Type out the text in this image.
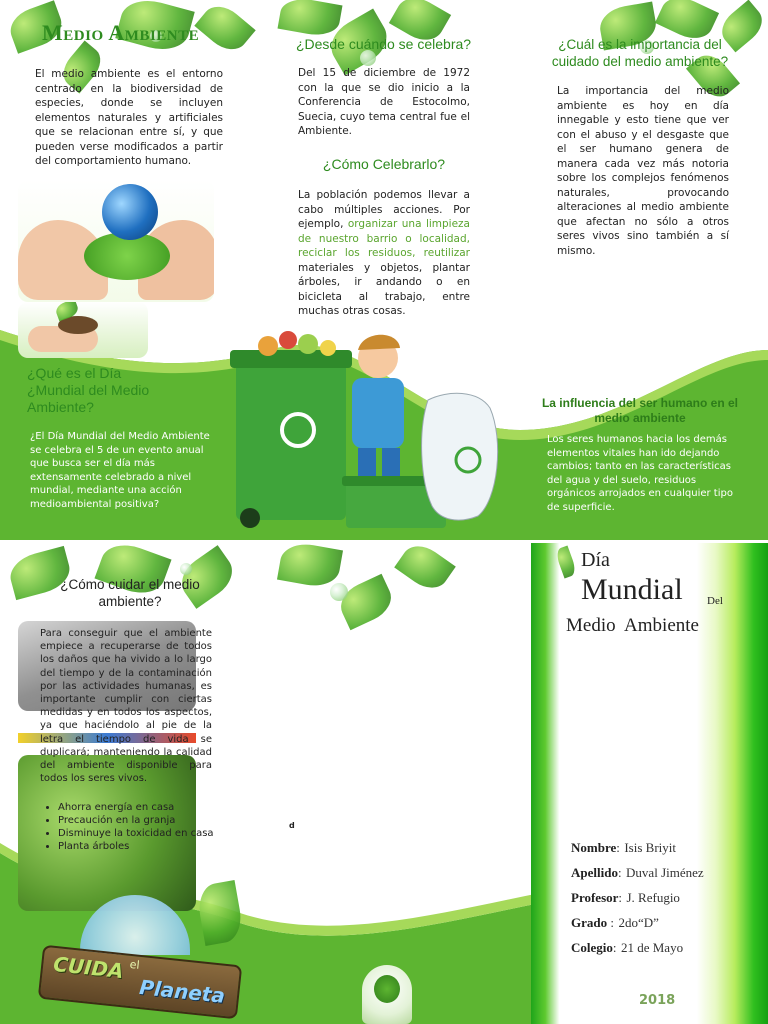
Medio Ambiente

El medio ambiente es el entorno centrado en la biodiversidad de especies, donde se incluyen elementos naturales y artificiales que se relacionan entre sí, y que pueden verse modificados a partir del comportamiento humano.

¿Qué es el Día ¿Mundial del Medio Ambiente?

¿El Día Mundial del Medio Ambiente se celebra el 5 de un evento anual que busca ser el día más extensamente celebrado a nivel mundial, mediante una acción medioambiental positiva?

¿Desde cuándo se celebra?

Del 15 de diciembre de 1972 con la que se dio inicio a la Conferencia de Estocolmo, Suecia, cuyo tema central fue el Ambiente.

¿Cómo Celebrarlo?

La población podemos llevar a cabo múltiples acciones. Por ejemplo, organizar una limpieza de nuestro barrio o localidad, reciclar los residuos, reutilizar materiales y objetos, plantar árboles, ir andando o en bicicleta al trabajo, entre muchas otras cosas.

¿Cuál es la importancia del cuidado del medio ambiente?

La importancia del medio ambiente es hoy en día innegable y esto tiene que ver con el abuso y el desgaste que el ser humano genera de manera cada vez más notoria sobre los complejos fenómenos naturales, provocando alteraciones al medio ambiente que afectan no sólo a otros seres vivos sino también a sí mismo.

La influencia del ser humano en el medio ambiente

Los seres humanos hacia los demás elementos vitales han ido dejando cambios; tanto en las características del agua y del suelo, residuos orgánicos arrojados en cualquier tipo de superficie.

¿Cómo cuidar el medio ambiente?

Para conseguir que el ambiente empiece a recuperarse de todos los daños que ha vivido a lo largo del tiempo y de la contaminación por las actividades humanas, es importante cumplir con ciertas medidas y en todos los aspectos, ya que haciéndolo al pie de la letra el tiempo de vida se duplicará; manteniendo la calidad del ambiente disponible para todos los seres vivos.

• Ahorra energía en casa
• Precaución en la granja
• Disminuye la toxicidad en casa
• Planta árboles
CUIDA el
Planeta
d
Día
Mundial Del
Medio  Ambiente
Nombre: Isis Briyit
Apellido: Duval Jiménez
Profesor: J. Refugio
Grado : 2do“D”
Colegio: 21 de Mayo
2018
